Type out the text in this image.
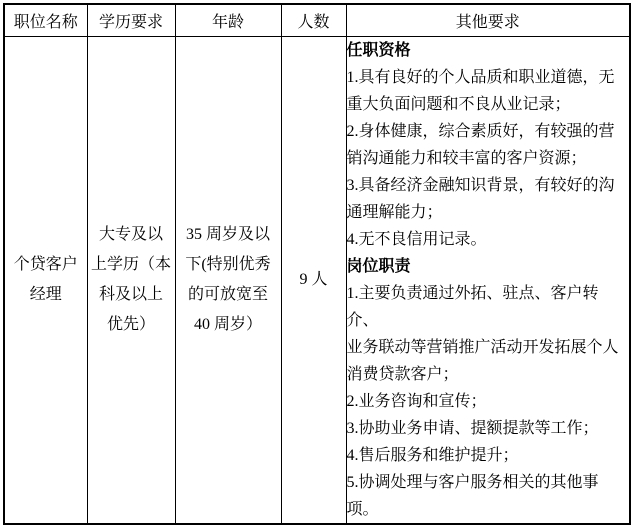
职位名称	学历要求	年龄	人数	其他要求

个贷客户
经理

大专及以
上学历（本
科及以上
优先）

35 周岁及以
下(特别优秀
的可放宽至
40 周岁）

9 人

任职资格
1.具有良好的个人品质和职业道德，无
重大负面问题和不良从业记录；
2.身体健康，综合素质好，有较强的营
销沟通能力和较丰富的客户资源；
3.具备经济金融知识背景，有较好的沟
通理解能力；
4.无不良信用记录。
岗位职责
1.主要负责通过外拓、驻点、客户转介、
业务联动等营销推广活动开发拓展个人
消费贷款客户；
2.业务咨询和宣传；
3.协助业务申请、提额提款等工作；
4.售后服务和维护提升；
5.协调处理与客户服务相关的其他事
项。
